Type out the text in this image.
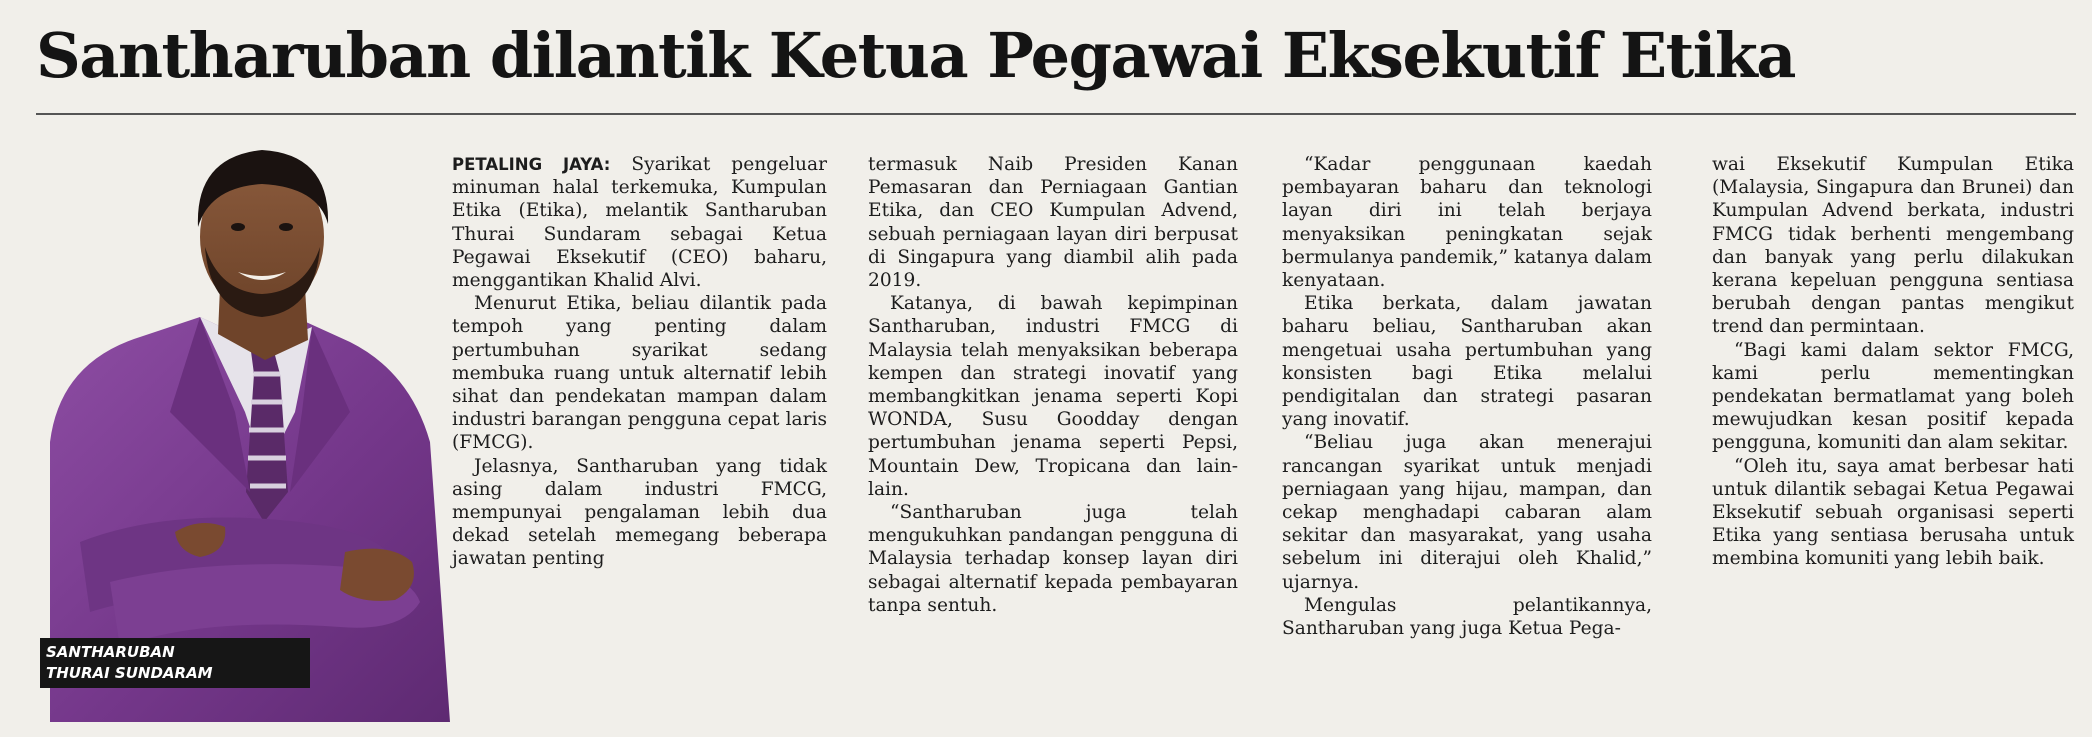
Santharuban dilantik Ketua Pegawai Eksekutif Etika
SANTHARUBAN
THURAI SUNDARAM

PETALING JAYA: Syarikat pengeluar minuman halal terkemuka, Kumpulan Etika (Etika), melantik Santharuban Thurai Sundaram sebagai Ketua Pegawai Eksekutif (CEO) baharu, menggantikan Khalid Alvi.

Menurut Etika, beliau dilantik pada tempoh yang penting dalam pertumbuhan syarikat sedang membuka ruang untuk alternatif lebih sihat dan pendekatan mampan dalam industri barangan pengguna cepat laris (FMCG).

Jelasnya, Santharuban yang tidak asing dalam industri FMCG, mempunyai pengalaman lebih dua dekad setelah memegang beberapa jawatan penting

termasuk Naib Presiden Kanan Pemasaran dan Perniagaan Gantian Etika, dan CEO Kumpulan Advend, sebuah perniagaan layan diri berpusat di Singapura yang diambil alih pada 2019.

Katanya, di bawah kepimpinan Santharuban, industri FMCG di Malaysia telah menyaksikan beberapa kempen dan strategi inovatif yang membangkitkan jenama seperti Kopi WONDA, Susu Goodday dengan pertumbuhan jenama seperti Pepsi, Mountain Dew, Tropicana dan lain-lain.

“Santharuban juga telah mengukuhkan pandangan pengguna di Malaysia terhadap konsep layan diri sebagai alternatif kepada pembayaran tanpa sentuh.

“Kadar penggunaan kaedah pembayaran baharu dan teknologi layan diri ini telah berjaya menyaksikan peningkatan sejak bermulanya pandemik,” katanya dalam kenyataan.

Etika berkata, dalam jawatan baharu beliau, Santharuban akan mengetuai usaha pertumbuhan yang konsisten bagi Etika melalui pendigitalan dan strategi pasaran yang inovatif.

“Beliau juga akan menerajui rancangan syarikat untuk menjadi perniagaan yang hijau, mampan, dan cekap menghadapi cabaran alam sekitar dan masyarakat, yang usaha sebelum ini diterajui oleh Khalid,” ujarnya.

Mengulas pelantikannya, Santharuban yang juga Ketua Pega-

wai Eksekutif Kumpulan Etika (Malaysia, Singapura dan Brunei) dan Kumpulan Advend berkata, industri FMCG tidak berhenti mengembang dan banyak yang perlu dilakukan kerana kepeluan pengguna sentiasa berubah dengan pantas mengikut trend dan permintaan.

“Bagi kami dalam sektor FMCG, kami perlu mementingkan pendekatan bermatlamat yang boleh mewujudkan kesan positif kepada pengguna, komuniti dan alam sekitar.

“Oleh itu, saya amat berbesar hati untuk dilantik sebagai Ketua Pegawai Eksekutif sebuah organisasi seperti Etika yang sentiasa berusaha untuk membina komuniti yang lebih baik.
